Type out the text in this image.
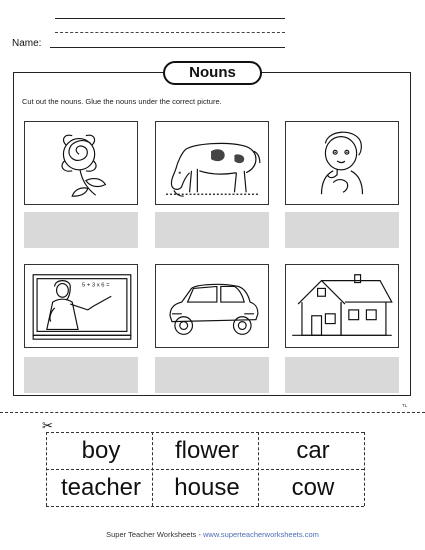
Name:
Nouns
Cut out the nouns. Glue the nouns under the correct picture.
5 + 3 x 6 =
TL
✂
boy	flower	car
teacher	house	cow
Super Teacher Worksheets - www.superteacherworksheets.com
